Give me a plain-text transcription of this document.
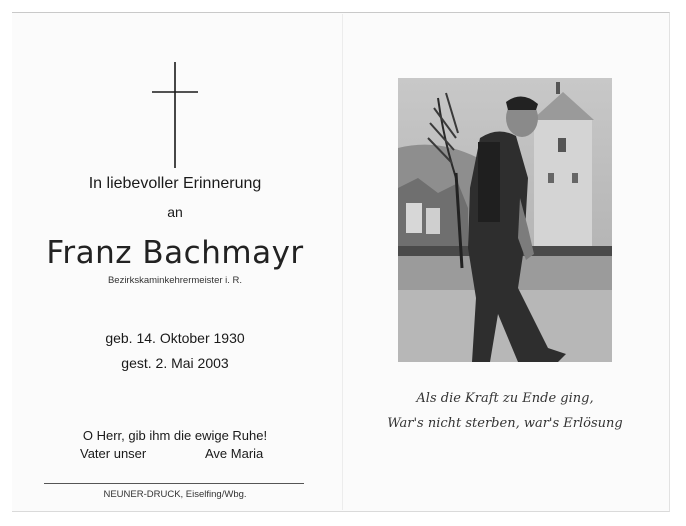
In liebevoller Erinnerung
an
Franz Bachmayr
Bezirkskaminkehrermeister i. R.
geb. 14. Oktober 1930
gest. 2. Mai 2003
O Herr, gib ihm die ewige Ruhe!
Vater unser	Ave Maria
NEUNER-DRUCK, Eiselfing/Wbg.
Als die Kraft zu Ende ging,
War's nicht sterben, war's Erlösung
